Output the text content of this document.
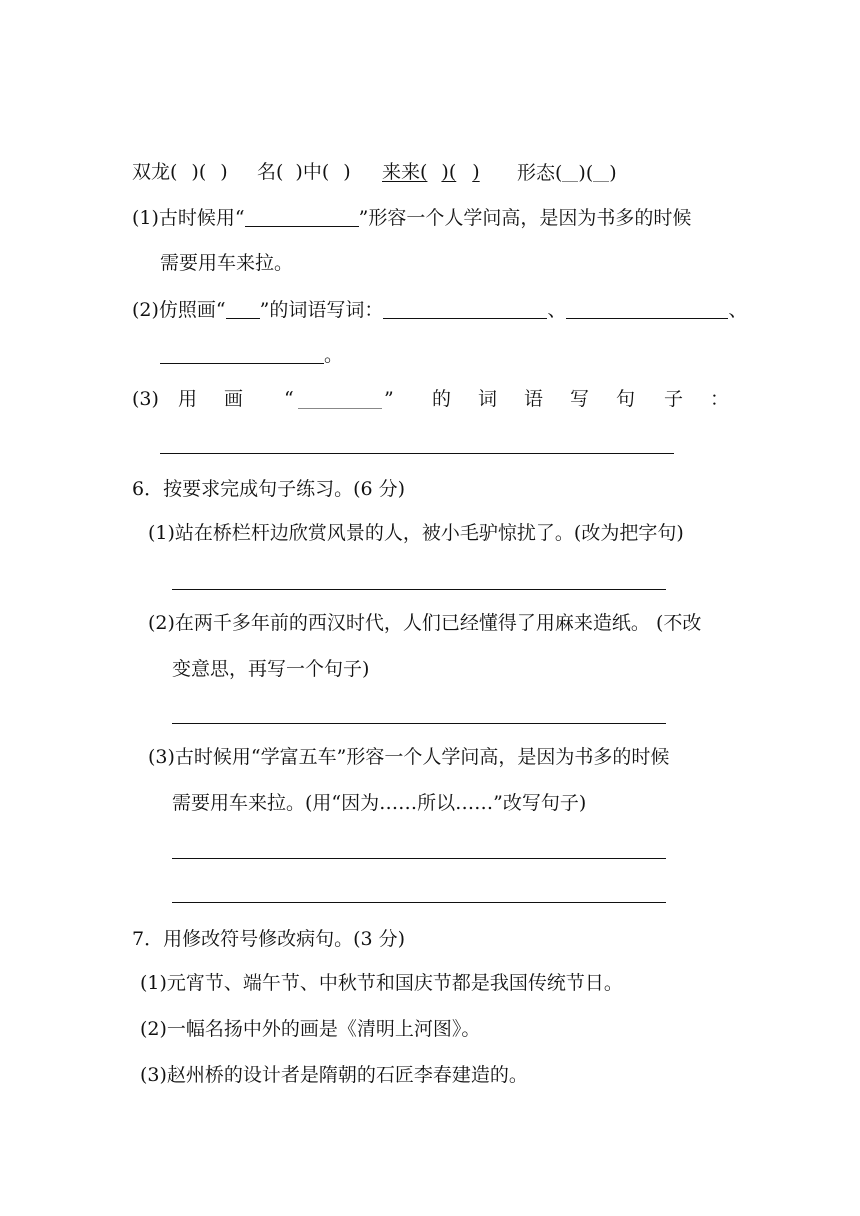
双龙( )( ) 名( )中( ) 来来( )( ) 形态( )( )
(1)古时候用“	”形容一个人学问高，是因为书多的时候
需要用车来拉。
(2)仿照画“ ”的词语写词：	、	、
。
(3) 用 画 “	” 的 词 语 写 句 子 ：
6．按要求完成句子练习。(6 分)
(1)站在桥栏杆边欣赏风景的人，被小毛驴惊扰了。(改为把字句)
(2)在两千多年前的西汉时代，人们已经懂得了用麻来造纸。 (不改
变意思，再写一个句子)
(3)古时候用“学富五车”形容一个人学问高，是因为书多的时候
需要用车来拉。(用“因为……所以……”改写句子)
7．用修改符号修改病句。(3 分)
(1)元宵节、端午节、中秋节和国庆节都是我国传统节日。
(2)一幅名扬中外的画是《清明上河图》。
(3)赵州桥的设计者是隋朝的石匠李春建造的。
